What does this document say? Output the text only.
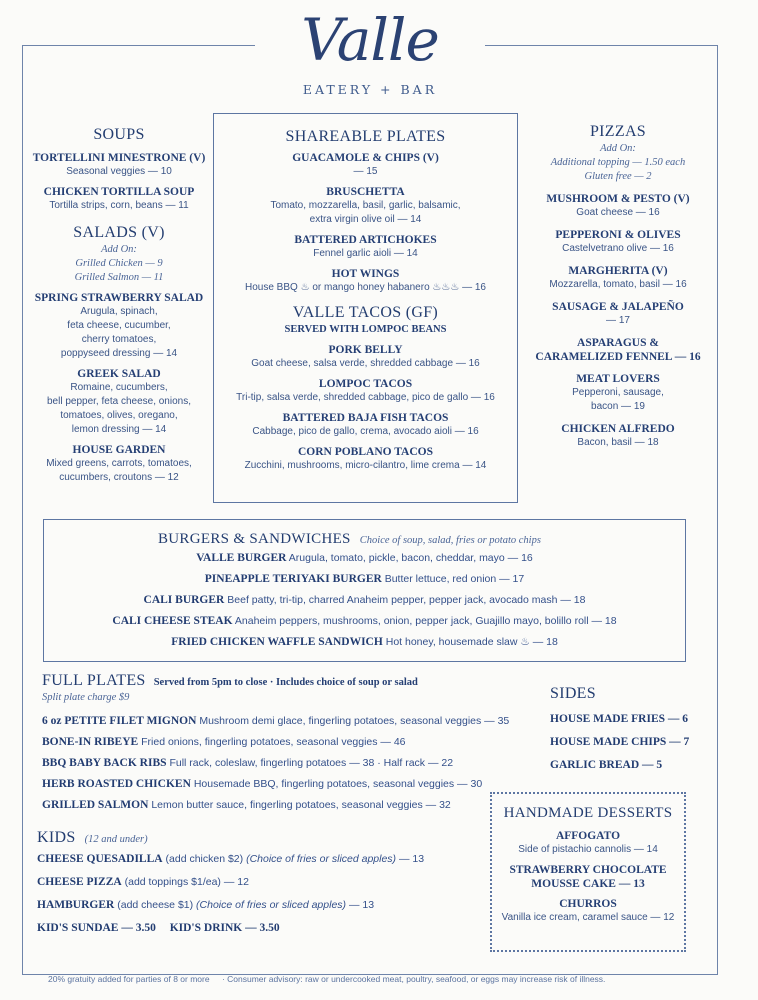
Valle
EATERY + BAR
SOUPS
TORTELLINI MINESTRONE (V)
Seasonal veggies — 10
CHICKEN TORTILLA SOUP
Tortilla strips, corn, beans — 11
SALADS (V)
Add On:
Grilled Chicken — 9
Grilled Salmon — 11
SPRING STRAWBERRY SALAD
Arugula, spinach,
feta cheese, cucumber,
cherry tomatoes,
poppyseed dressing — 14
GREEK SALAD
Romaine, cucumbers,
bell pepper, feta cheese, onions,
tomatoes, olives, oregano,
lemon dressing — 14
HOUSE GARDEN
Mixed greens, carrots, tomatoes,
cucumbers, croutons — 12
SHAREABLE PLATES
GUACAMOLE & CHIPS (V)
— 15
BRUSCHETTA
Tomato, mozzarella, basil, garlic, balsamic,
extra virgin olive oil — 14
BATTERED ARTICHOKES
Fennel garlic aioli — 14
HOT WINGS
House BBQ ♨ or mango honey habanero ♨♨♨ — 16
VALLE TACOS (GF)
SERVED WITH LOMPOC BEANS
PORK BELLY
Goat cheese, salsa verde, shredded cabbage — 16
LOMPOC TACOS
Tri-tip, salsa verde, shredded cabbage, pico de gallo — 16
BATTERED BAJA FISH TACOS
Cabbage, pico de gallo, crema, avocado aioli — 16
CORN POBLANO TACOS
Zucchini, mushrooms, micro-cilantro, lime crema — 14
PIZZAS
Add On:
Additional topping — 1.50 each
Gluten free — 2
MUSHROOM & PESTO (V)
Goat cheese — 16
PEPPERONI & OLIVES
Castelvetrano olive — 16
MARGHERITA (V)
Mozzarella, tomato, basil — 16
SAUSAGE & JALAPEÑO
— 17
ASPARAGUS &
CARAMELIZED FENNEL — 16
MEAT LOVERS
Pepperoni, sausage,
bacon — 19
CHICKEN ALFREDO
Bacon, basil — 18
BURGERS & SANDWICHES Choice of soup, salad, fries or potato chips
VALLE BURGER Arugula, tomato, pickle, bacon, cheddar, mayo — 16
PINEAPPLE TERIYAKI BURGER Butter lettuce, red onion — 17
CALI BURGER Beef patty, tri-tip, charred Anaheim pepper, pepper jack, avocado mash — 18
CALI CHEESE STEAK Anaheim peppers, mushrooms, onion, pepper jack, Guajillo mayo, bolillo roll — 18
FRIED CHICKEN WAFFLE SANDWICH Hot honey, housemade slaw ♨ — 18
FULL PLATES Served from 5pm to close · Includes choice of soup or salad
Split plate charge $9
6 oz PETITE FILET MIGNON Mushroom demi glace, fingerling potatoes, seasonal veggies — 35
BONE-IN RIBEYE Fried onions, fingerling potatoes, seasonal veggies — 46
BBQ BABY BACK RIBS Full rack, coleslaw, fingerling potatoes — 38 · Half rack — 22
HERB ROASTED CHICKEN Housemade BBQ, fingerling potatoes, seasonal veggies — 30
GRILLED SALMON Lemon butter sauce, fingerling potatoes, seasonal veggies — 32
SIDES
HOUSE MADE FRIES — 6
HOUSE MADE CHIPS — 7
GARLIC BREAD — 5
KIDS (12 and under)
CHEESE QUESADILLA (add chicken $2) (Choice of fries or sliced apples) — 13
CHEESE PIZZA (add toppings $1/ea) — 12
HAMBURGER (add cheese $1) (Choice of fries or sliced apples) — 13
KID'S SUNDAE — 3.50 KID'S DRINK — 3.50
HANDMADE DESSERTS
AFFOGATO
Side of pistachio cannolis — 14
STRAWBERRY CHOCOLATE
MOUSSE CAKE — 13
CHURROS
Vanilla ice cream, caramel sauce — 12
20% gratuity added for parties of 8 or more · Consumer advisory: raw or undercooked meat, poultry, seafood, or eggs may increase risk of illness.
